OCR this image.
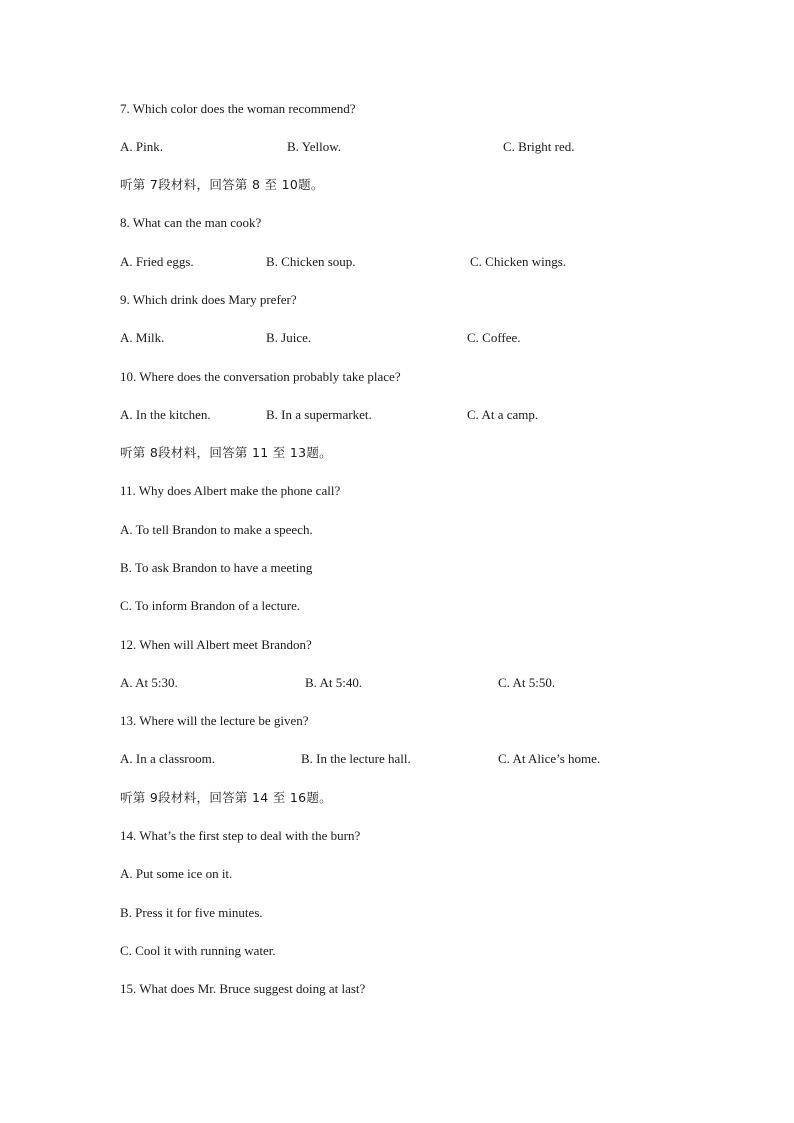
7. Which color does the woman recommend?
A. Pink.	B. Yellow.	C. Bright red.
听第 7段材料，回答第 8 至 10题。
8. What can the man cook?
A. Fried eggs.	B. Chicken soup.	C. Chicken wings.
9. Which drink does Mary prefer?
A. Milk.	B. Juice.	C. Coffee.
10. Where does the conversation probably take place?
A. In the kitchen.	B. In a supermarket.	C. At a camp.
听第 8段材料，回答第 11 至 13题。
11. Why does Albert make the phone call?
A. To tell Brandon to make a speech.
B. To ask Brandon to have a meeting
C. To inform Brandon of a lecture.
12. When will Albert meet Brandon?
A. At 5:30.	B. At 5:40.	C. At 5:50.
13. Where will the lecture be given?
A. In a classroom.	B. In the lecture hall.	C. At Alice’s home.
听第 9段材料，回答第 14 至 16题。
14. What’s the first step to deal with the burn?
A. Put some ice on it.
B. Press it for five minutes.
C. Cool it with running water.
15. What does Mr. Bruce suggest doing at last?
